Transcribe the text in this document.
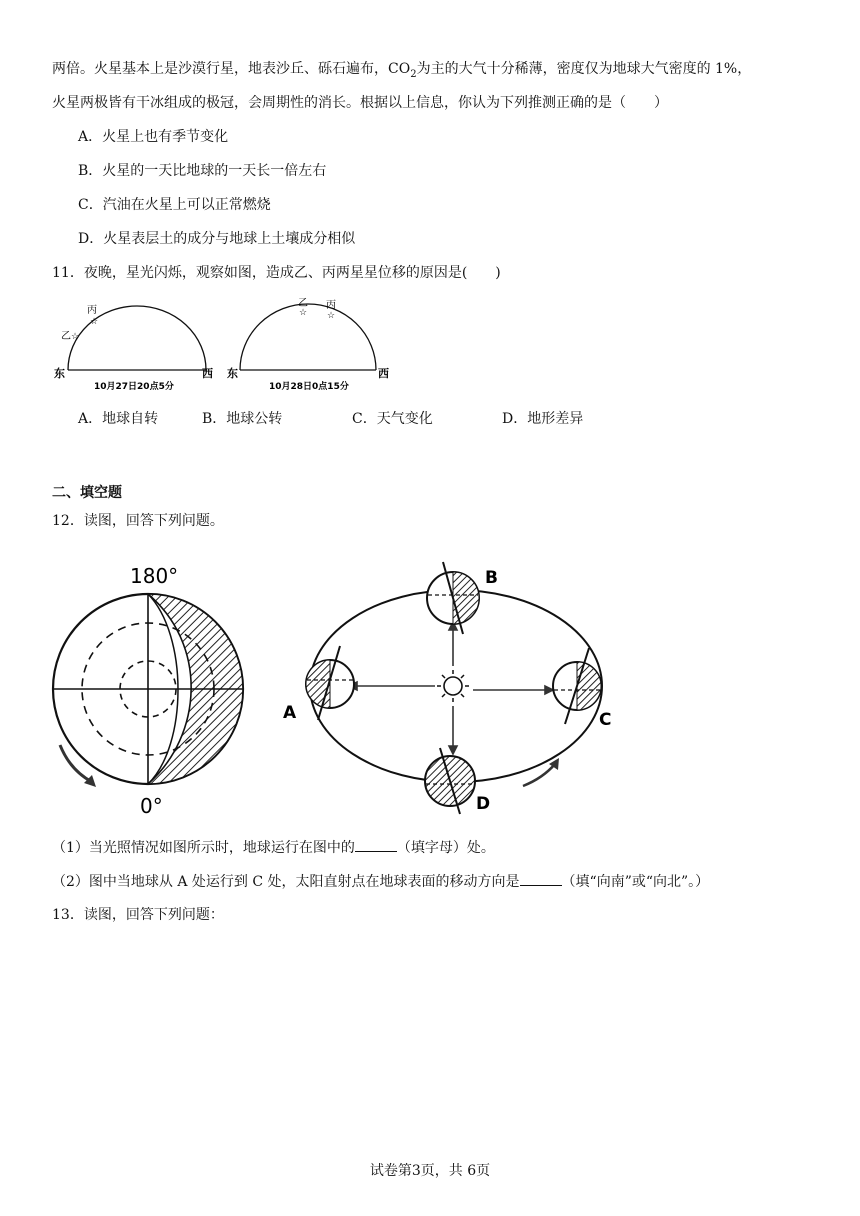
两倍。火星基本上是沙漠行星，地表沙丘、砾石遍布，$CO_2$为主的大气十分稀薄，密度仅为地球大气密度的 1%，
火星两极皆有干冰组成的极冠，会周期性的消长。根据以上信息，你认为下列推测正确的是（　　）
A．火星上也有季节变化
B．火星的一天比地球的一天长一倍左右
C．汽油在火星上可以正常燃烧
D．火星表层土的成分与地球上土壤成分相似
11．夜晚，星光闪烁，观察如图，造成乙、丙两星星位移的原因是(　　)
东	西
丙
☆
乙 ☆
10月27日20点5分
东	西
乙
☆
丙
☆
10月28日0点15分
A．地球自转	B．地球公转	C．天气变化	D．地形差异
二、填空题
12．读图，回答下列问题。
180°
0°
B
A	C
D
（1）当光照情况如图所示时，地球运行在图中的	（填字母）处。
（2）图中当地球从 A 处运行到 C 处，太阳直射点在地球表面的移动方向是	（填“向南”或“向北”。）
13．读图，回答下列问题：
试卷第3页，共 6页
